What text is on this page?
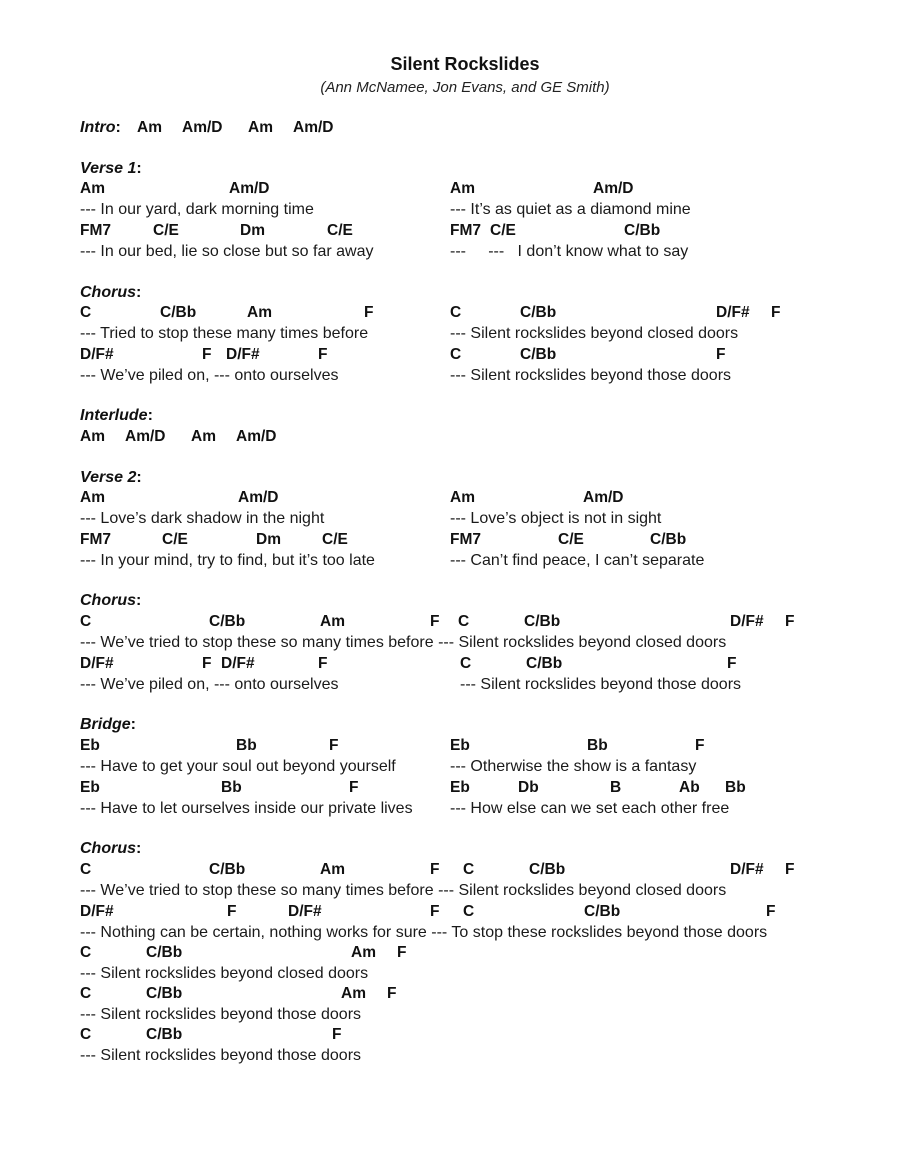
Silent Rockslides
(Ann McNamee, Jon Evans, and GE Smith)
Intro: Am Am/D Am Am/D
Verse 1:
Am	Am/D	Am	Am/D
--- In our yard, dark morning time	--- It’s as quiet as a diamond mine
FM7	C/E	Dm	C/E	FM7 C/E	C/Bb
--- In our bed, lie so close but so far away	---     ---   I don’t know what to say
Chorus:
C	C/Bb	Am	F	C	C/Bb	D/F# F
--- Tried to stop these many times before	--- Silent rockslides beyond closed doors
D/F#	F D/F#	F	C	C/Bb	F
--- We’ve piled on, --- onto ourselves	--- Silent rockslides beyond those doors
Interlude:
Am Am/D Am Am/D
Verse 2:
Am	Am/D	Am	Am/D
--- Love’s dark shadow in the night	--- Love’s object is not in sight
FM7	C/E	Dm	C/E	FM7	C/E	C/Bb
--- In your mind, try to find, but it’s too late	--- Can’t find peace, I can’t separate
Chorus:
C	C/Bb	Am	F C	C/Bb	D/F# F
--- We’ve tried to stop these so many times before --- Silent rockslides beyond closed doors
D/F#	F D/F#	F	C	C/Bb	F
--- We’ve piled on, --- onto ourselves	--- Silent rockslides beyond those doors
Bridge:
Eb	Bb	F	Eb	Bb	F
--- Have to get your soul out beyond yourself	--- Otherwise the show is a fantasy
Eb	Bb	F	Eb	Db	B	Ab Bb
--- Have to let ourselves inside our private lives --- How else can we set each other free
Chorus:
C	C/Bb	Am	F C	C/Bb	D/F# F
--- We’ve tried to stop these so many times before --- Silent rockslides beyond closed doors
D/F#	F	D/F#	F C	C/Bb	F
--- Nothing can be certain, nothing works for sure --- To stop these rockslides beyond those doors
C	C/Bb	Am F
--- Silent rockslides beyond closed doors
C	C/Bb	Am F
--- Silent rockslides beyond those doors
C	C/Bb	F
--- Silent rockslides beyond those doors
